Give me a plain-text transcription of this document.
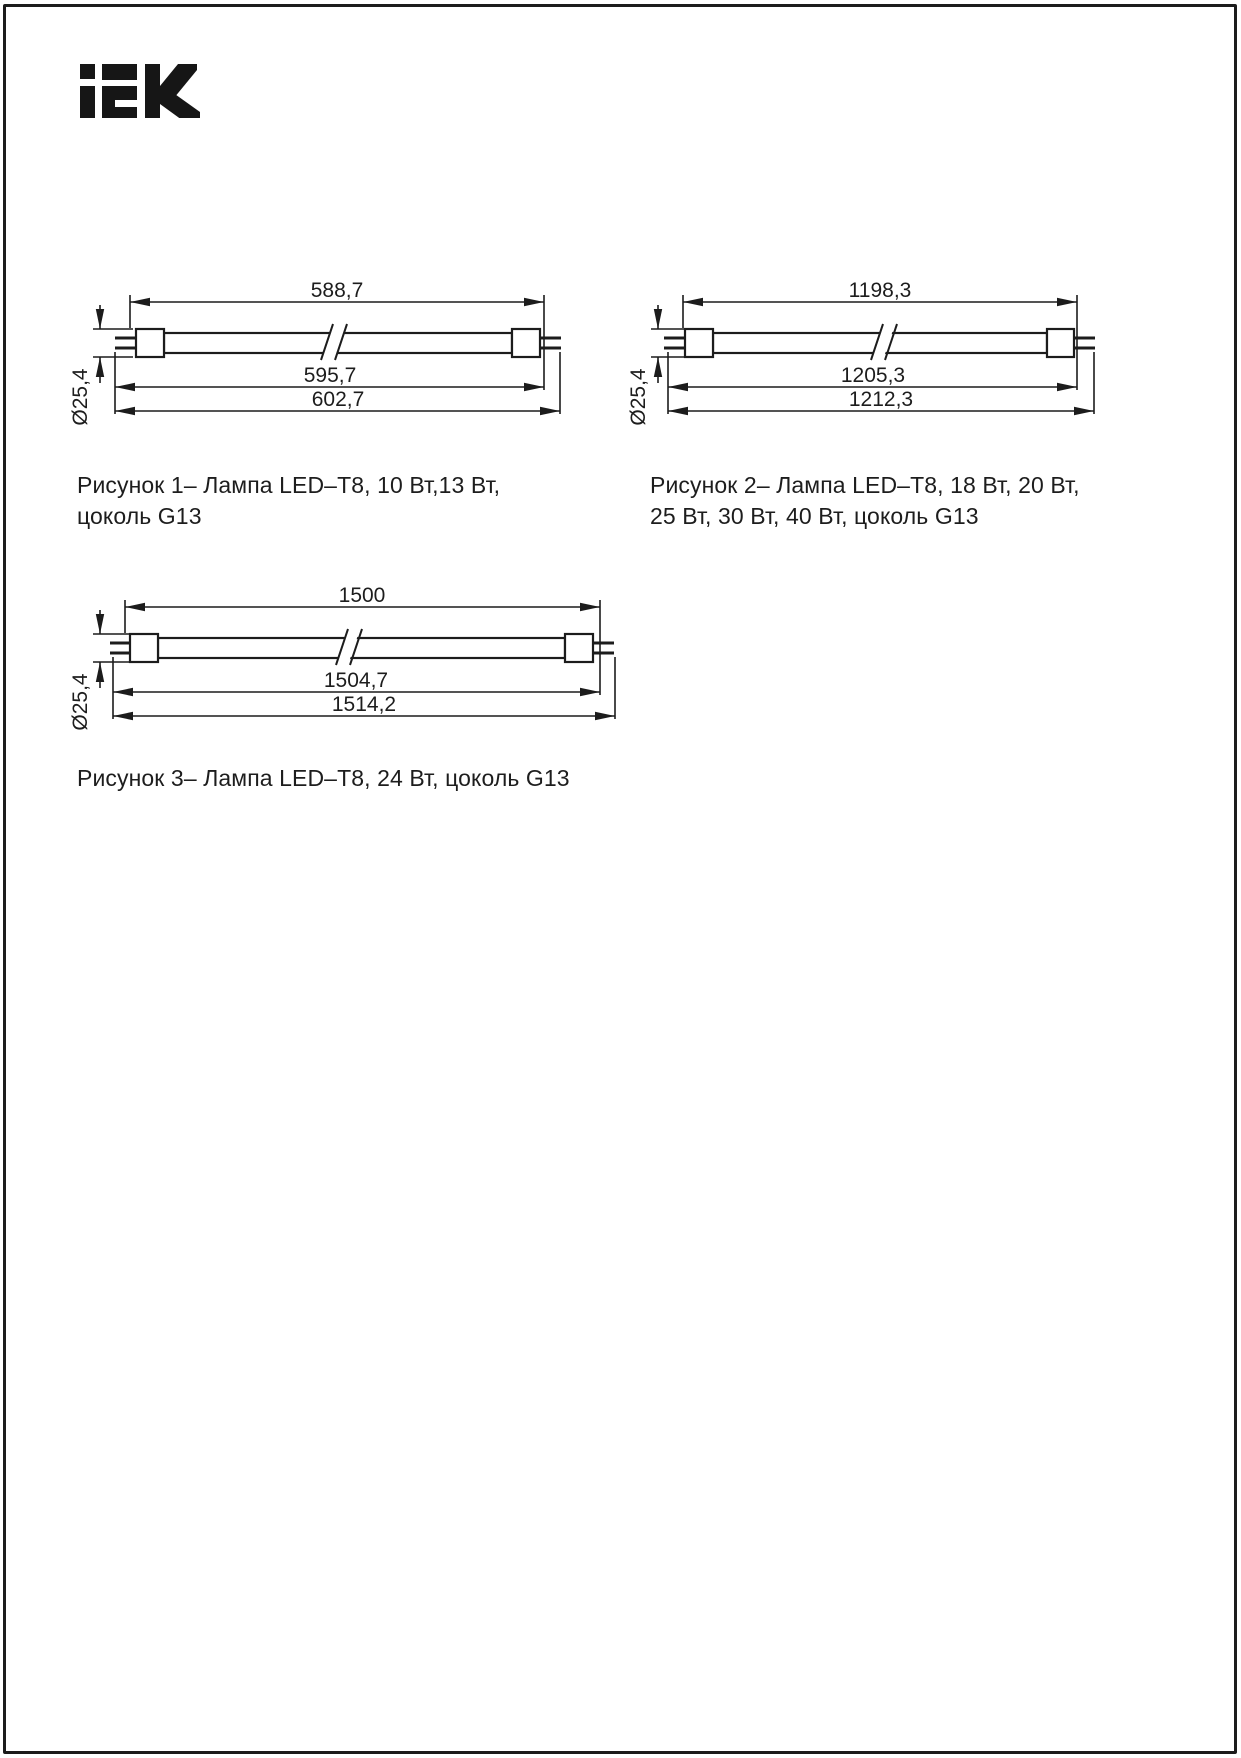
588,7
595,7
602,7
Ø25,4
1198,3
1205,3
1212,3
Ø25,4
1500
1504,7
1514,2
Ø25,4
Рисунок 1– Лампа LED–T8, 10 Вт,13 Вт,
цоколь G13
Рисунок 2– Лампа LED–T8, 18 Вт, 20 Вт,
25 Вт, 30 Вт, 40 Вт, цоколь G13
Рисунок 3– Лампа LED–T8, 24 Вт, цоколь G13
